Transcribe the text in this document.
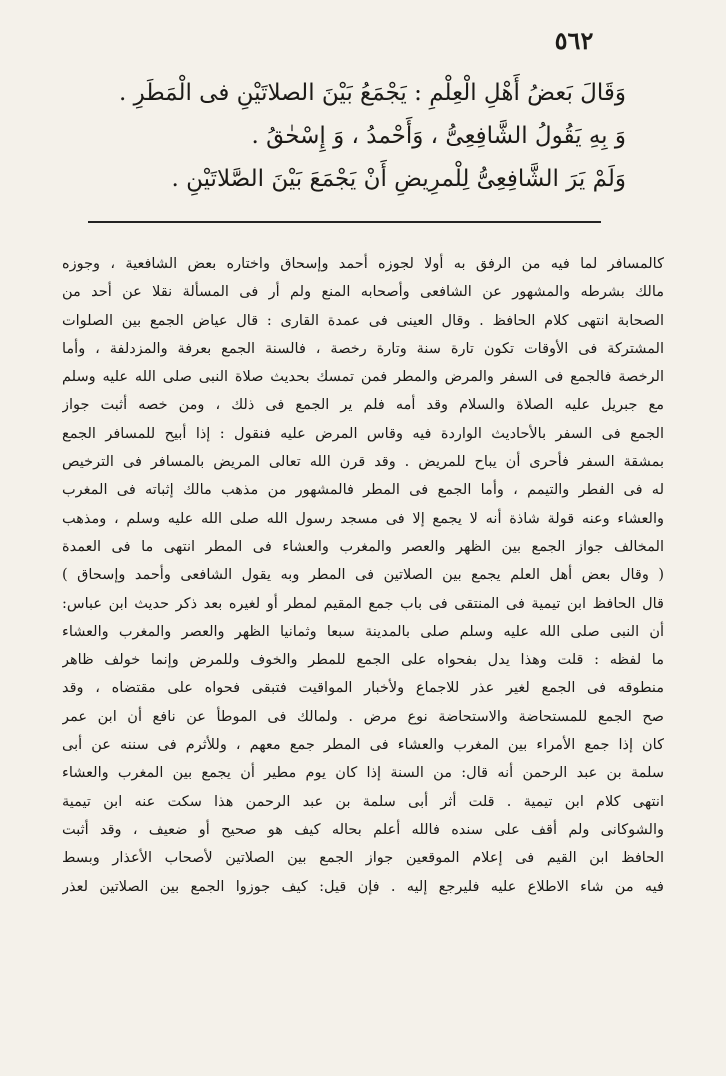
٥٦٢
وَقَالَ بَعضُ أَهْلِ الْعِلْمِ : يَجْمَعُ بَيْنَ الصلاتَيْنِ فى الْمَطَرِ .
وَ بِهِ يَقُولُ الشَّافِعِىُّ ، وَأَحْمدُ ، وَ إِسْحٰقُ .
وَلَمْ يَرَ الشَّافِعِىُّ لِلْمرِيضِ أَنْ يَجْمَعَ بَيْنَ الصَّلاتَيْنِ .
كالمسافر لما فيه من الرفق به أولا لجوزه أحمد وإسحاق واختاره بعض الشافعية ، وجوزه
مالك بشرطه والمشهور عن الشافعى وأصحابه المنع ولم أر فى المسألة نقلا عن أحد من
الصحابة انتهى كلام الحافظ . وقال العينى فى عمدة القارى : قال عياض الجمع بين الصلوات
المشتركة فى الأوقات تكون تارة سنة وتارة رخصة ، فالسنة الجمع بعرفة والمزدلفة ، وأما
الرخصة فالجمع فى السفر والمرض والمطر فمن تمسك بحديث صلاة النبى صلى الله عليه وسلم
مع جبريل عليه الصلاة والسلام وقد أمه فلم ير الجمع فى ذلك ، ومن خصه أثبت جواز
الجمع فى السفر بالأحاديث الواردة فيه وقاس المرض عليه فنقول : إذا أبيح للمسافر الجمع
بمشقة السفر فأحرى أن يباح للمريض . وقد قرن الله تعالى المريض بالمسافر فى الترخيص
له فى الفطر والتيمم ، وأما الجمع فى المطر فالمشهور من مذهب مالك إثباته فى المغرب
والعشاء وعنه قولة شاذة أنه لا يجمع إلا فى مسجد رسول الله صلى الله عليه وسلم ، ومذهب
المخالف جواز الجمع بين الظهر والعصر والمغرب والعشاء فى المطر انتهى ما فى العمدة
( وقال بعض أهل العلم يجمع بين الصلاتين فى المطر وبه يقول الشافعى وأحمد وإسحاق )
قال الحافظ ابن تيمية فى المنتقى فى باب جمع المقيم لمطر أو لغيره بعد ذكر حديث ابن عباس:
أن النبى صلى الله عليه وسلم صلى بالمدينة سبعا وثمانيا الظهر والعصر والمغرب والعشاء
ما لفظه : قلت وهذا يدل بفحواه على الجمع للمطر والخوف وللمرض وإنما خولف ظاهر
منطوقه فى الجمع لغير عذر للاجماع ولأخبار المواقيت فتبقى فحواه على مقتضاه ، وقد
صح الجمع للمستحاضة والاستحاضة نوع مرض . ولمالك فى الموطأ عن نافع أن ابن عمر
كان إذا جمع الأمراء بين المغرب والعشاء فى المطر جمع معهم ، وللأثرم فى سننه عن أبى
سلمة بن عبد الرحمن أنه قال: من السنة إذا كان يوم مطير أن يجمع بين المغرب والعشاء
انتهى كلام ابن تيمية . قلت أثر أبى سلمة بن عبد الرحمن هذا سكت عنه ابن تيمية
والشوكانى ولم أقف على سنده فالله أعلم بحاله كيف هو صحيح أو ضعيف ، وقد أثبت
الحافظ ابن القيم فى إعلام الموقعين جواز الجمع بين الصلاتين لأصحاب الأعذار وبسط
فيه من شاء الاطلاع عليه فليرجع إليه . فإن قيل: كيف جوزوا الجمع بين الصلاتين لعذر
